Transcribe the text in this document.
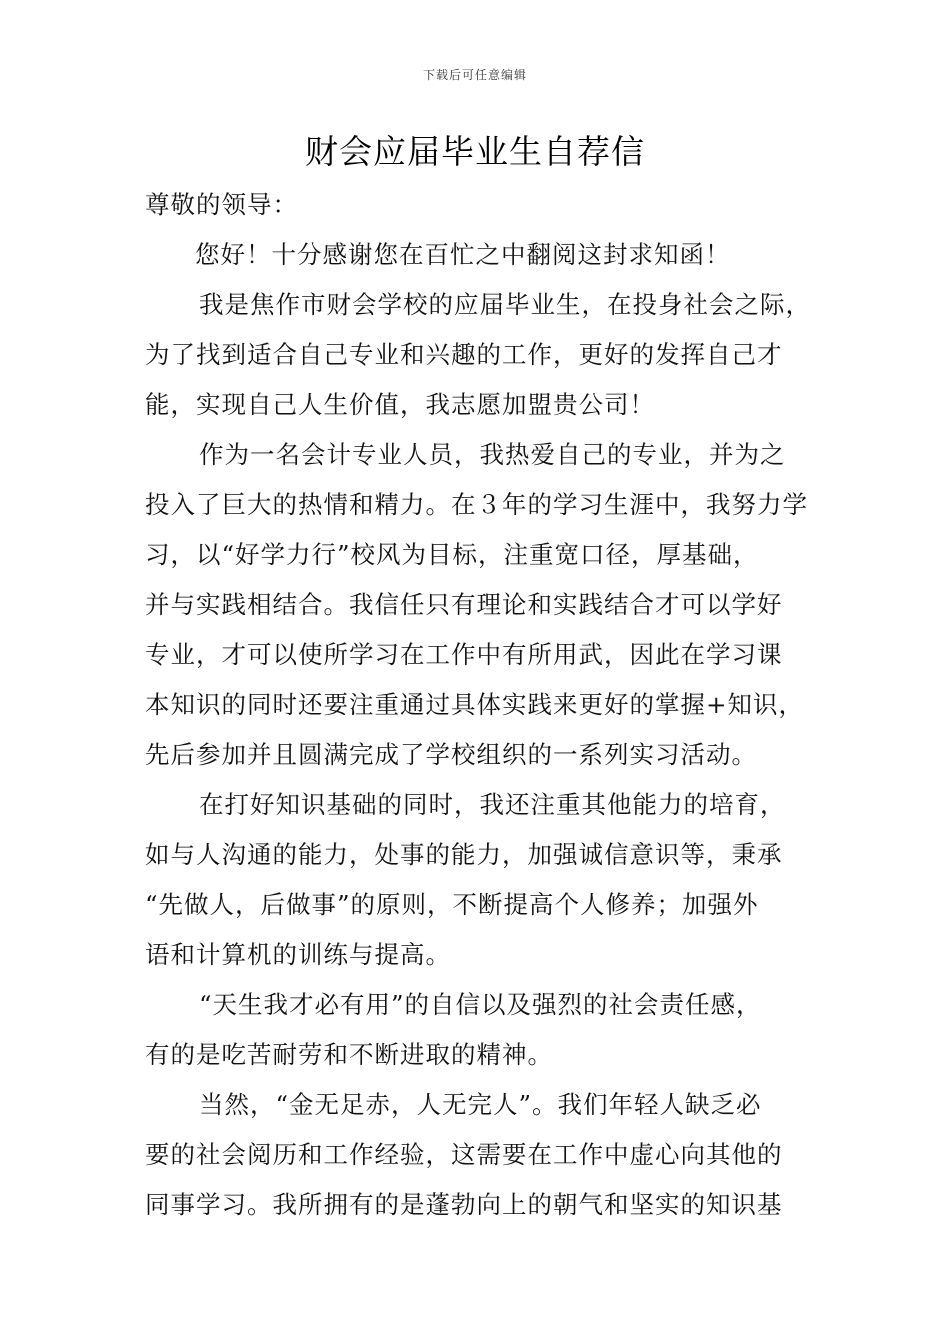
下载后可任意编辑
财会应届毕业生自荐信
尊敬的领导：
您好！十分感谢您在百忙之中翻阅这封求知函！
我是焦作市财会学校的应届毕业生，在投身社会之际，
为了找到适合自己专业和兴趣的工作，更好的发挥自己才
能，实现自己人生价值，我志愿加盟贵公司！
作为一名会计专业人员，我热爱自己的专业，并为之
投入了巨大的热情和精力。在３年的学习生涯中，我努力学
习，以“好学力行”校风为目标，注重宽口径，厚基础，
并与实践相结合。我信任只有理论和实践结合才可以学好
专业，才可以使所学习在工作中有所用武，因此在学习课
本知识的同时还要注重通过具体实践来更好的掌握+知识，
先后参加并且圆满完成了学校组织的一系列实习活动。
在打好知识基础的同时，我还注重其他能力的培育，
如与人沟通的能力，处事的能力，加强诚信意识等，秉承
“先做人，后做事”的原则，不断提高个人修养；加强外
语和计算机的训练与提高。
“天生我才必有用”的自信以及强烈的社会责任感，
有的是吃苦耐劳和不断进取的精神。
当然，“金无足赤，人无完人”。我们年轻人缺乏必
要的社会阅历和工作经验，这需要在工作中虚心向其他的
同事学习。我所拥有的是蓬勃向上的朝气和坚实的知识基
